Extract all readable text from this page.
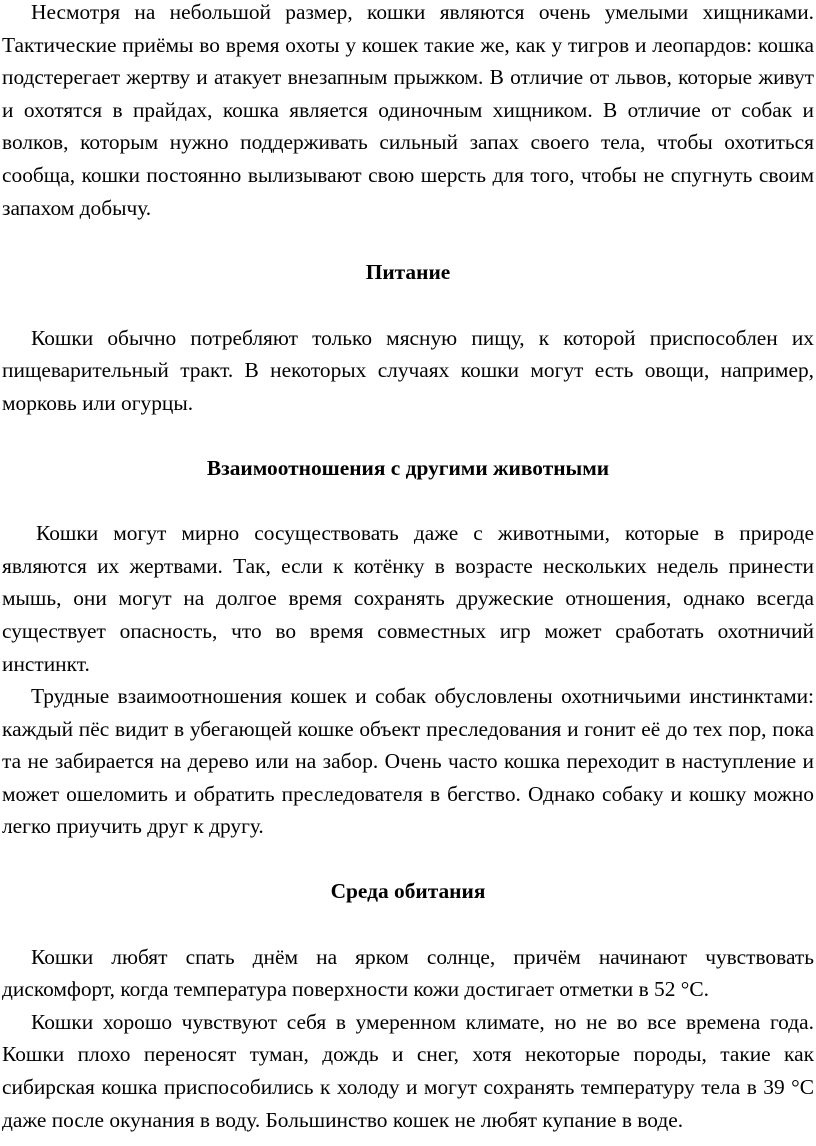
Несмотря на небольшой размер, кошки являются очень умелыми хищниками. Тактические приёмы во время охоты у кошек такие же, как у тигров и леопардов: кошка подстерегает жертву и атакует внезапным прыжком. В отличие от львов, которые живут и охотятся в прайдах, кошка является одиночным хищником. В отличие от собак и волков, которым нужно поддерживать сильный запах своего тела, чтобы охотиться сообща, кошки постоянно вылизывают свою шерсть для того, чтобы не спугнуть своим запахом добычу.

Питание

Кошки обычно потребляют только мясную пищу, к которой приспособлен их пищеварительный тракт. В некоторых случаях кошки могут есть овощи, например, морковь или огурцы.

Взаимоотношения с другими животными

Кошки могут мирно сосуществовать даже с животными, которые в природе являются их жертвами. Так, если к котёнку в возрасте нескольких недель принести мышь, они могут на долгое время сохранять дружеские отношения, однако всегда существует опасность, что во время совместных игр может сработать охотничий инстинкт.

Трудные взаимоотношения кошек и собак обусловлены охотничьими инстинктами: каждый пёс видит в убегающей кошке объект преследования и гонит её до тех пор, пока та не забирается на дерево или на забор. Очень часто кошка переходит в наступление и может ошеломить и обратить преследователя в бегство. Однако собаку и кошку можно легко приучить друг к другу.

Среда обитания

Кошки любят спать днём на ярком солнце, причём начинают чувствовать дискомфорт, когда температура поверхности кожи достигает отметки в 52 °С.

Кошки хорошо чувствуют себя в умеренном климате, но не во все времена года. Кошки плохо переносят туман, дождь и снег, хотя некоторые породы, такие как сибирская кошка приспособились к холоду и могут сохранять температуру тела в 39 °С даже после окунания в воду. Большинство кошек не любят купание в воде.
